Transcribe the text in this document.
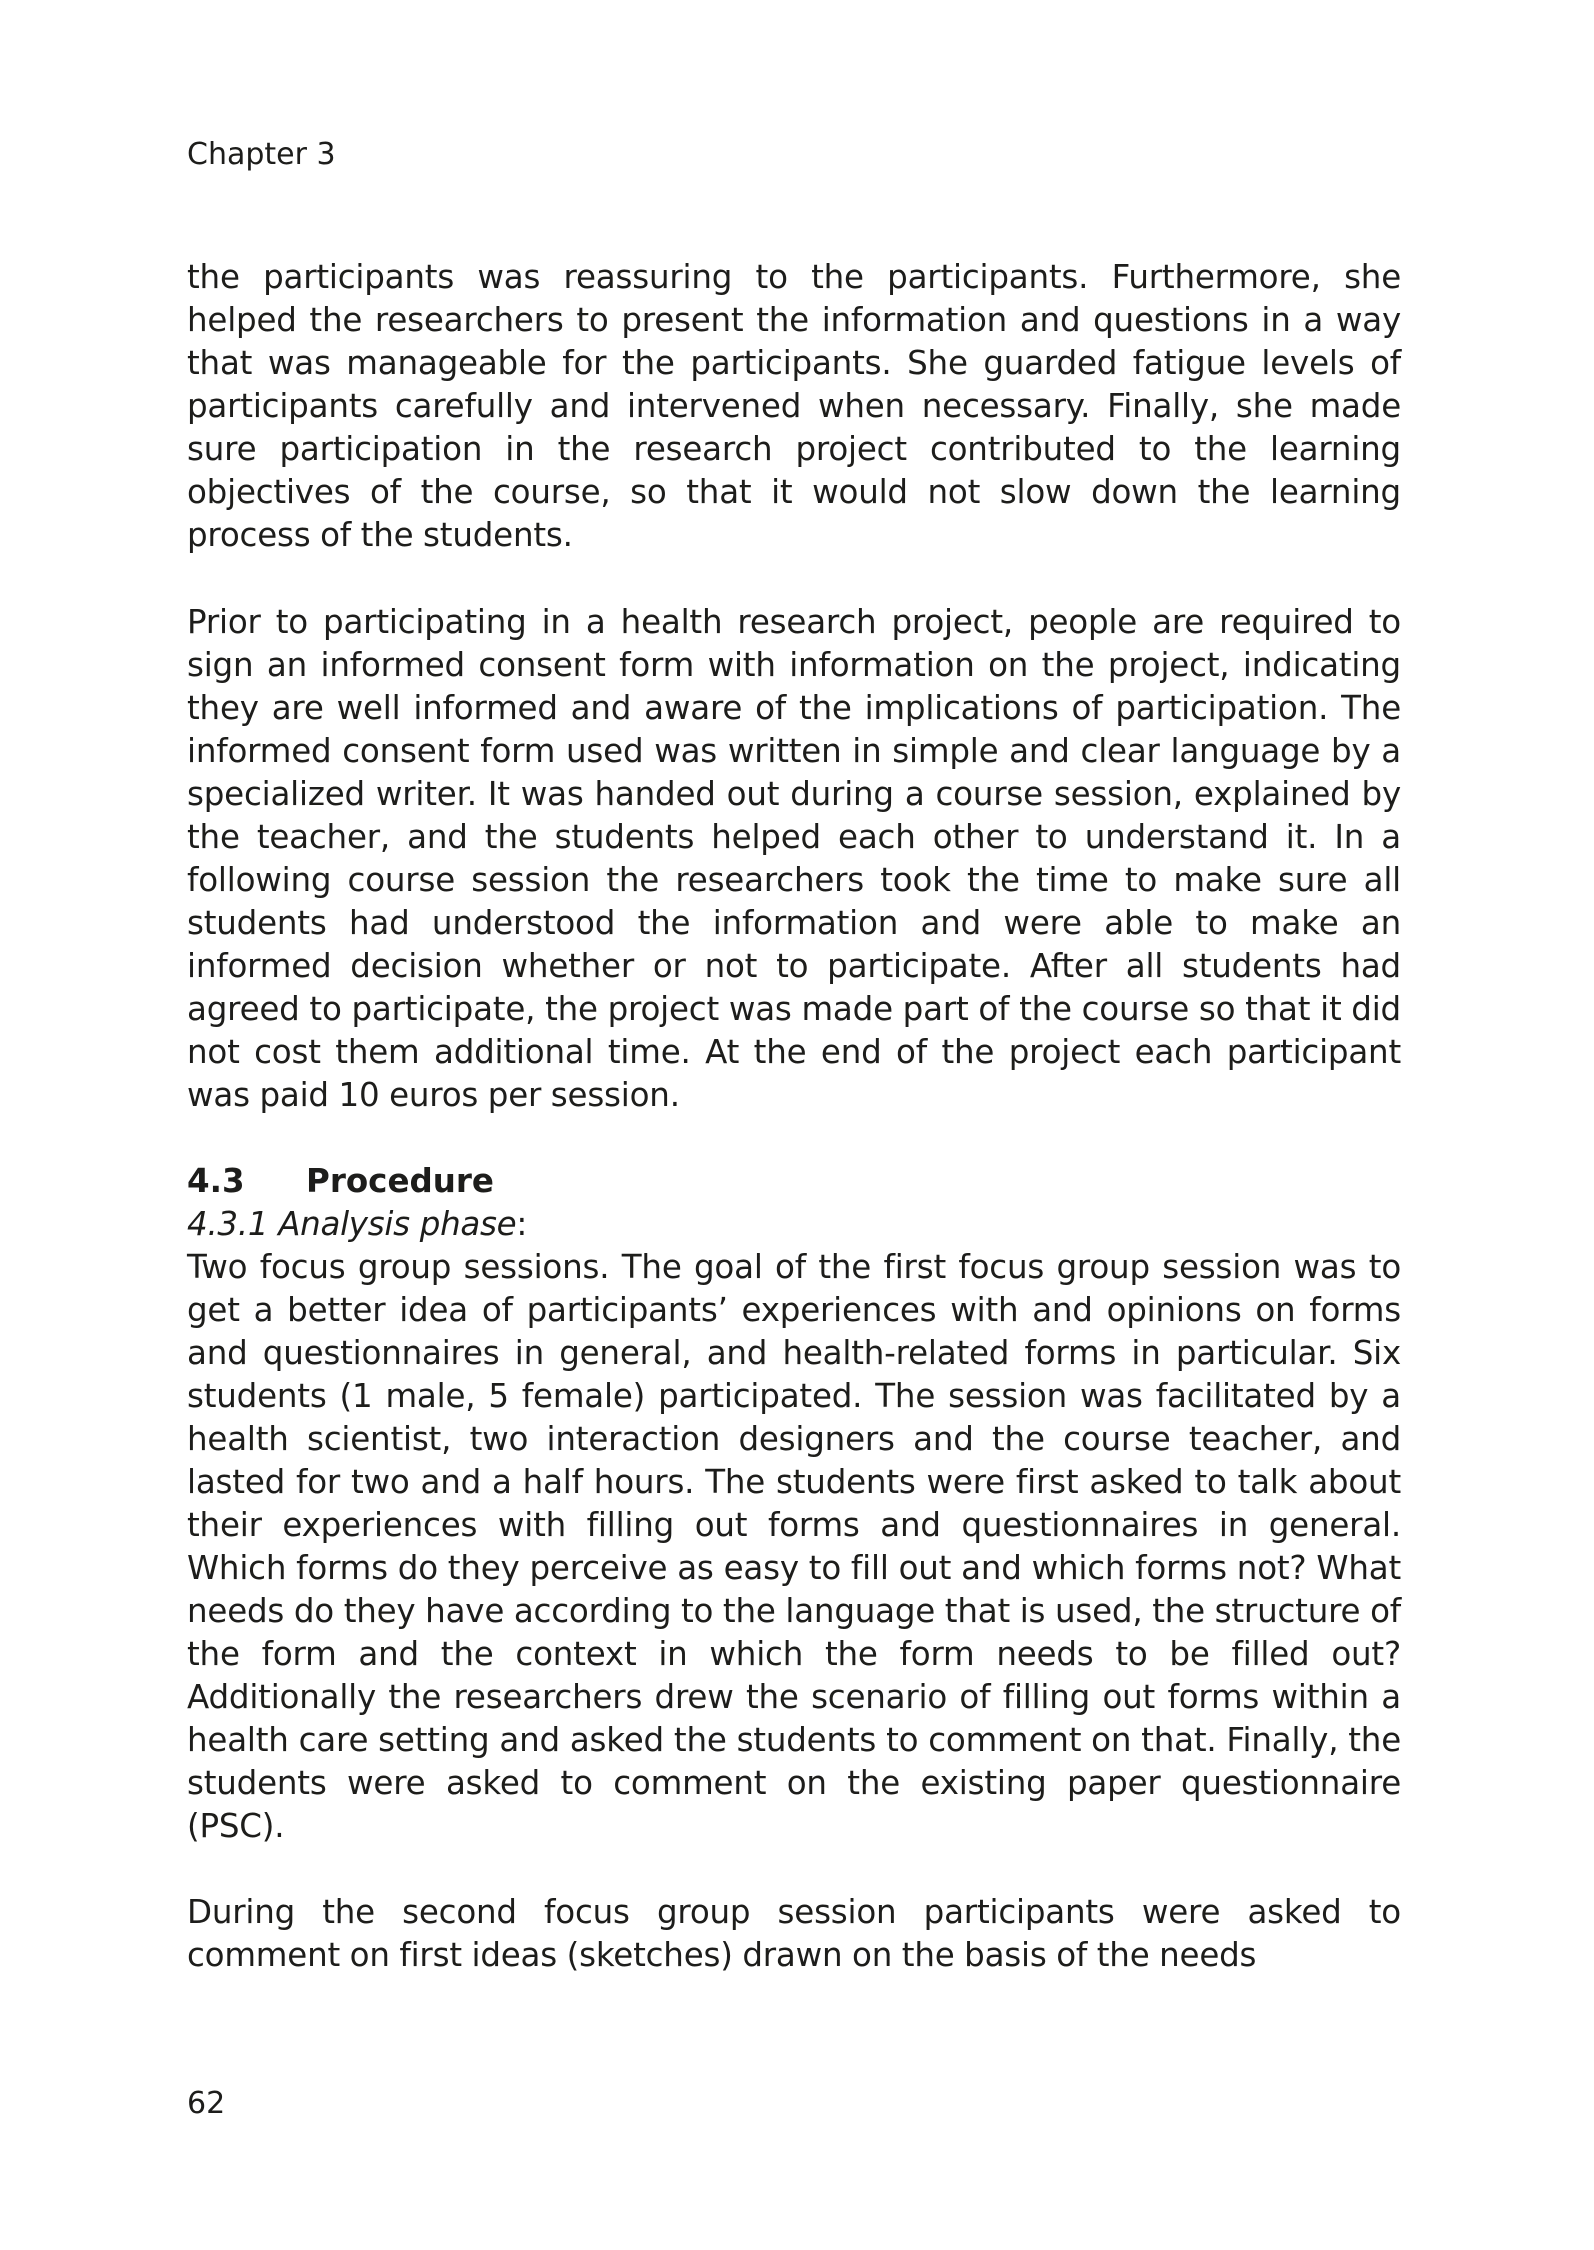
Chapter 3

the participants was reassuring to the participants. Furthermore, she helped the researchers to present the information and questions in a way that was manageable for the participants. She guarded fatigue levels of participants carefully and intervened when necessary. Finally, she made sure participation in the research project contributed to the learning objectives of the course, so that it would not slow down the learning process of the students.

Prior to participating in a health research project, people are required to sign an informed consent form with information on the project, indicating they are well informed and aware of the implications of participation. The informed consent form used was written in simple and clear language by a specialized writer. It was handed out during a course session, explained by the teacher, and the students helped each other to understand it. In a following course session the researchers took the time to make sure all students had understood the information and were able to make an informed decision whether or not to participate. After all students had agreed to participate, the project was made part of the course so that it did not cost them additional time. At the end of the project each participant was paid 10 euros per session.

4.3 Procedure
4.3.1 Analysis phase:

Two focus group sessions. The goal of the first focus group session was to get a better idea of participants’ experiences with and opinions on forms and questionnaires in general, and health-related forms in particular. Six students (1 male, 5 female) participated. The session was facilitated by a health scientist, two interaction designers and the course teacher, and lasted for two and a half hours. The students were first asked to talk about their experiences with filling out forms and questionnaires in general. Which forms do they perceive as easy to fill out and which forms not? What needs do they have according to the language that is used, the structure of the form and the context in which the form needs to be filled out? Additionally the researchers drew the scenario of filling out forms within a health care setting and asked the students to comment on that. Finally, the students were asked to comment on the existing paper questionnaire (PSC).

During the second focus group session participants were asked to comment on first ideas (sketches) drawn on the basis of the needs

62
